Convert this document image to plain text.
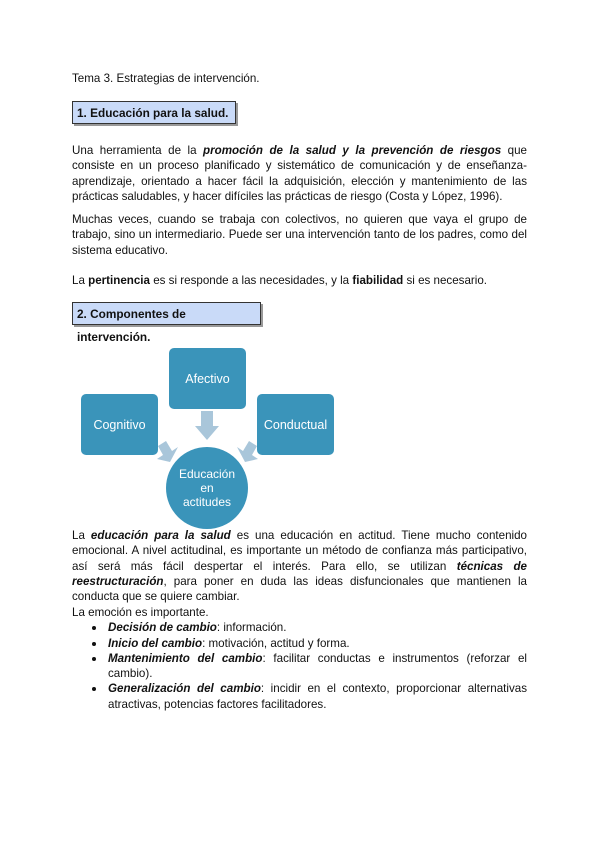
Tema 3. Estrategias de intervención.
1. Educación para la salud.
Una herramienta de la promoción de la salud y la prevención de riesgos que consiste en un proceso planificado y sistemático de comunicación y de enseñanza-aprendizaje, orientado a hacer fácil la adquisición, elección y mantenimiento de las prácticas saludables, y hacer difíciles las prácticas de riesgo (Costa y López, 1996).
Muchas veces, cuando se trabaja con colectivos, no quieren que vaya el grupo de trabajo, sino un intermediario. Puede ser una intervención tanto de los padres, como del sistema educativo.
La pertinencia es si responde a las necesidades, y la fiabilidad si es necesario.
2. Componentes de intervención.
Afectivo
Cognitivo	Conductual
Educación en actitudes
La educación para la salud es una educación en actitud. Tiene mucho contenido emocional. A nivel actitudinal, es importante un método de confianza más participativo, así será más fácil despertar el interés. Para ello, se utilizan técnicas de reestructuración, para poner en duda las ideas disfuncionales que mantienen la conducta que se quiere cambiar.
La emoción es importante.
Decisión de cambio: información.
Inicio del cambio: motivación, actitud y forma.
Mantenimiento del cambio: facilitar conductas e instrumentos (reforzar el cambio).
Generalización del cambio: incidir en el contexto, proporcionar alternativas atractivas, potencias factores facilitadores.
